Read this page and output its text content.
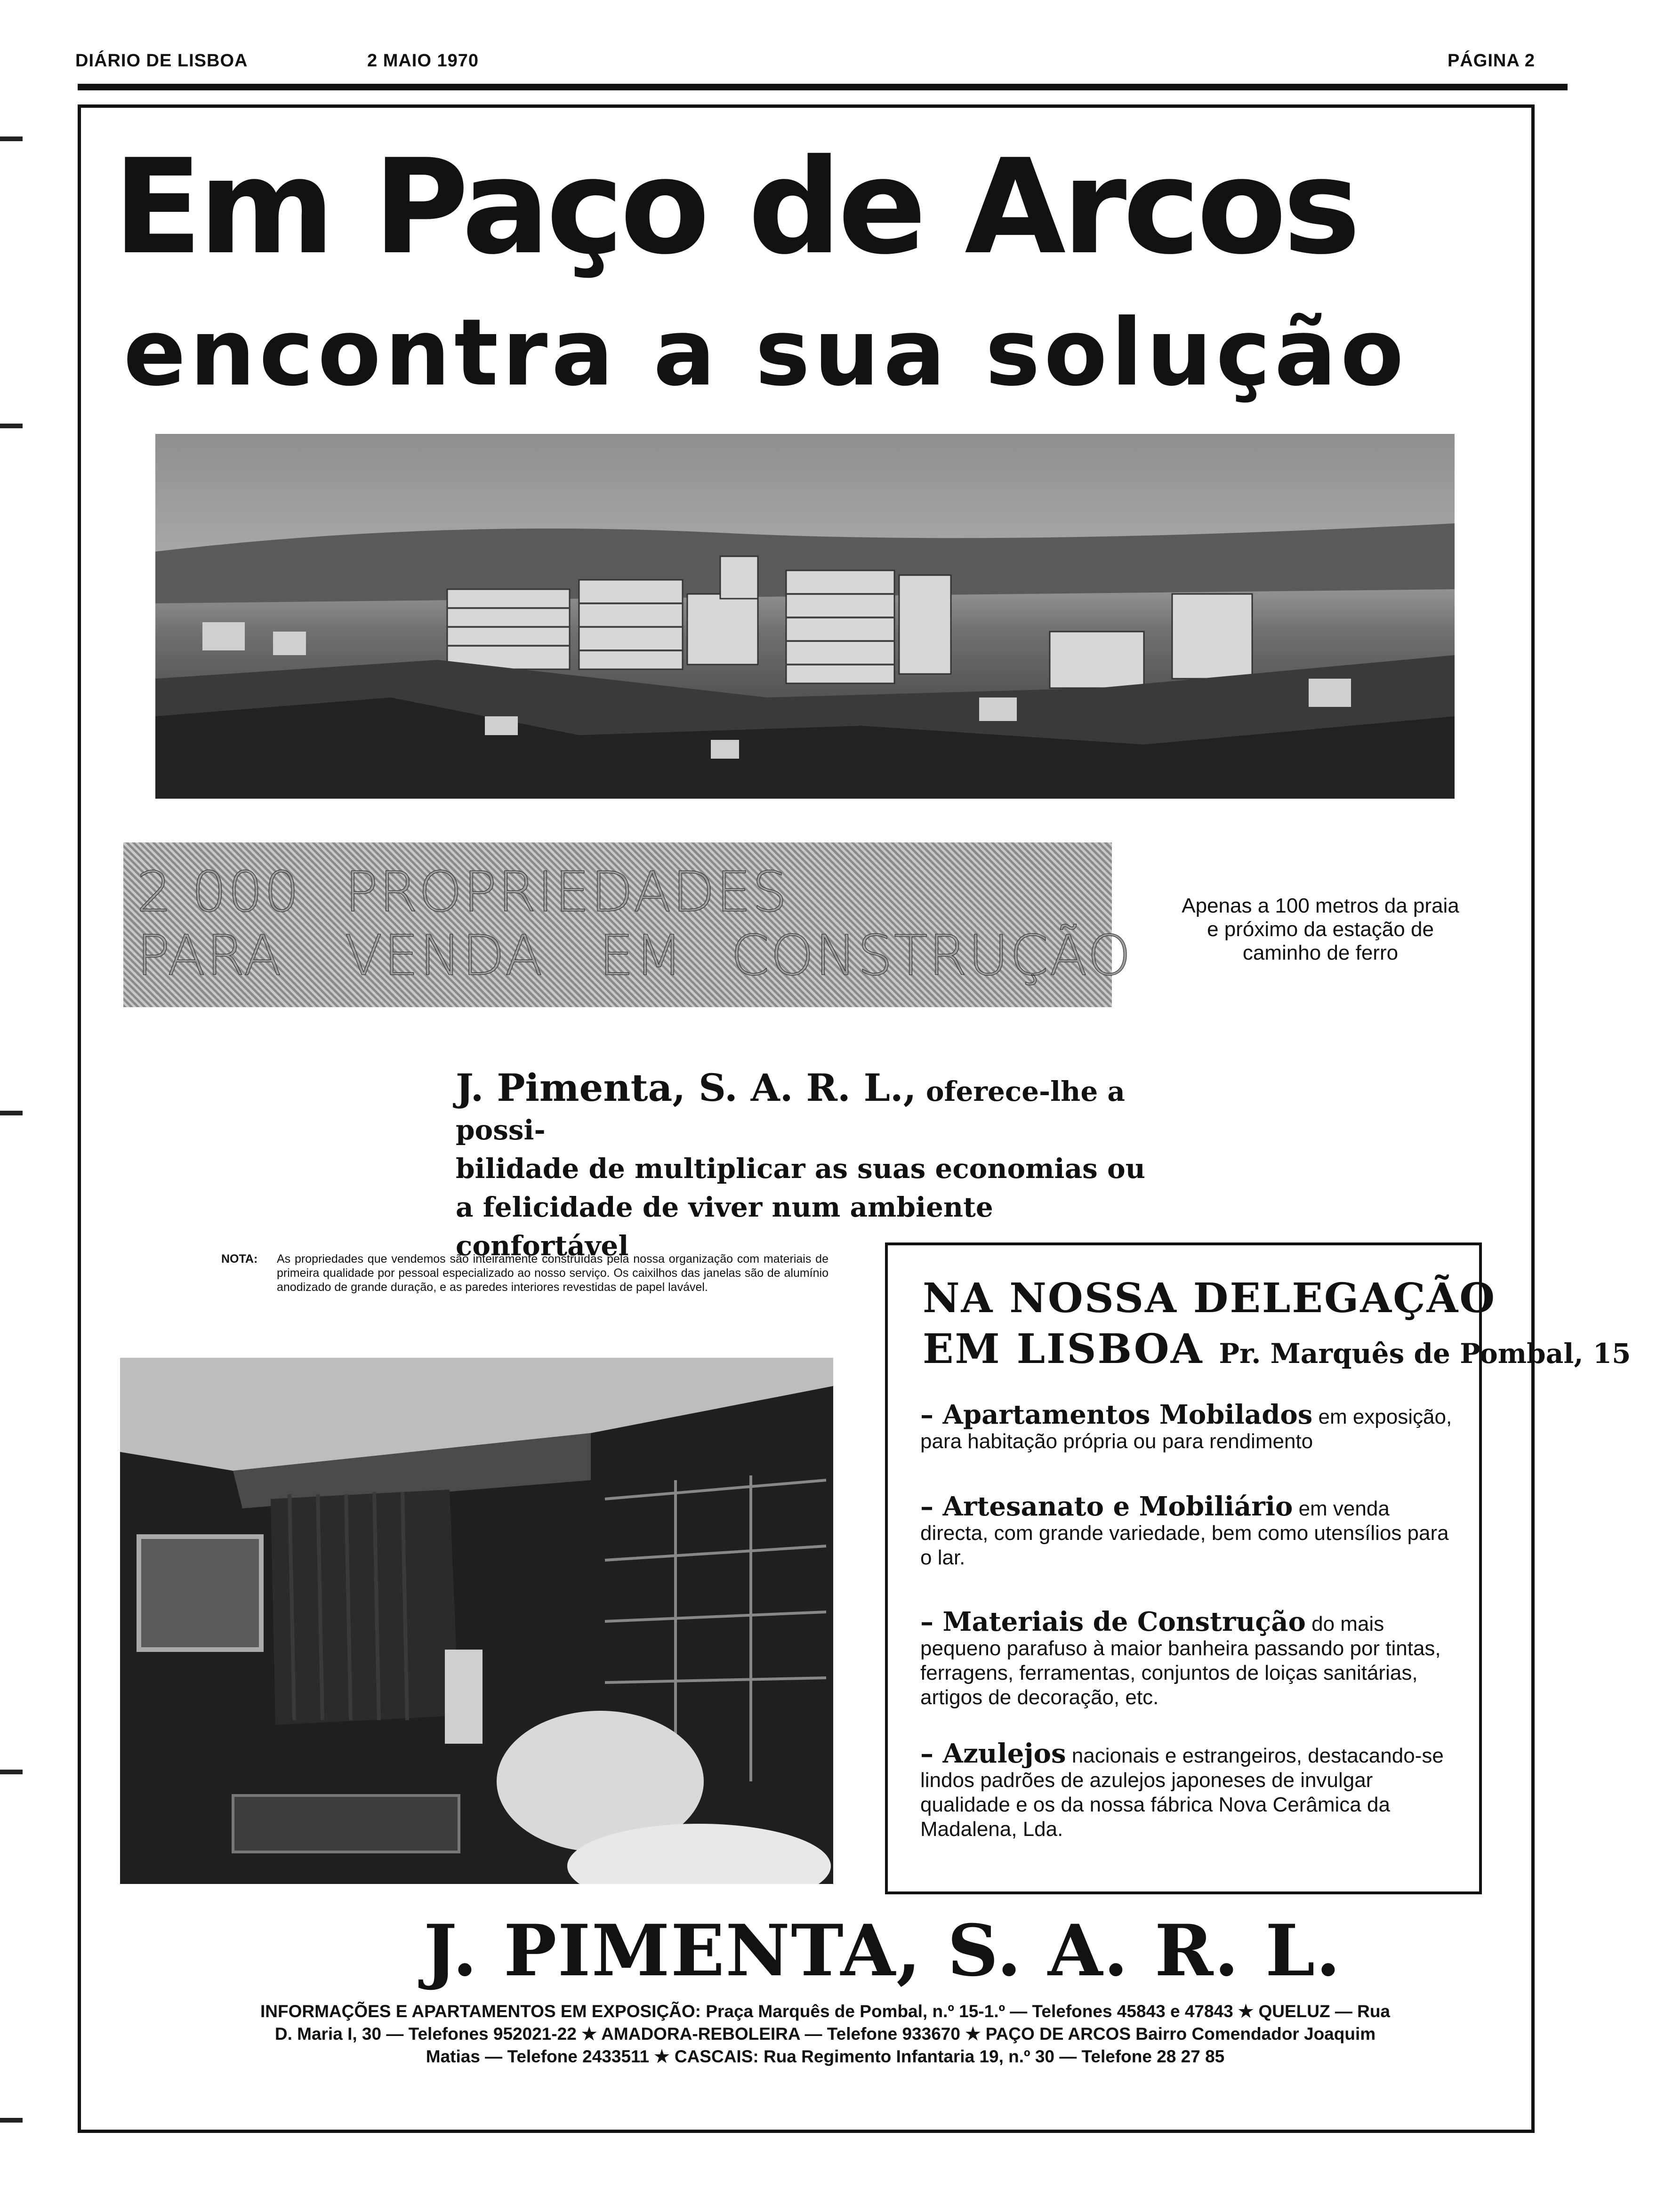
DIÁRIO DE LISBOA	2 MAIO 1970	PÁGINA 2
Em Paço de Arcos
encontra a sua solução
2 000 PROPRIEDADES
PARA VENDA EM CONSTRUÇÃO
Apenas a 100 metros da praia
e próximo da estação de
caminho de ferro
J. Pimenta, S. A. R. L., oferece-lhe a possi-
bilidade de multiplicar as suas economias ou
a felicidade de viver num ambiente confortável
NOTA: As propriedades que vendemos são inteiramente construídas pela nossa organização com materiais de primeira qualidade por pessoal especializado ao nosso serviço. Os caixilhos das janelas são de alumínio anodizado de grande duração, e as paredes interiores revestidas de papel lavável.	NA NOSSA DELEGAÇÃO
EM LISBOA Pr. Marquês de Pombal, 15
– Apartamentos Mobilados em exposição, para habitação própria ou para rendimento
– Artesanato e Mobiliário em venda directa, com grande variedade, bem como utensílios para o lar.
– Materiais de Construção do mais pequeno parafuso à maior banheira passando por tintas, ferragens, ferramentas, conjuntos de loiças sanitárias, artigos de decoração, etc.
– Azulejos nacionais e estrangeiros, destacando-se lindos padrões de azulejos japoneses de invulgar qualidade e os da nossa fábrica Nova Cerâmica da Madalena, Lda.
J. PIMENTA, S. A. R. L.
INFORMAÇÕES E APARTAMENTOS EM EXPOSIÇÃO: Praça Marquês de Pombal, n.º 15-1.º — Telefones 45843 e 47843 ★ QUELUZ — Rua
D. Maria I, 30 — Telefones 952021-22 ★ AMADORA-REBOLEIRA — Telefone 933670 ★ PAÇO DE ARCOS Bairro Comendador Joaquim
Matias — Telefone 2433511 ★ CASCAIS: Rua Regimento Infantaria 19, n.º 30 — Telefone 28 27 85
